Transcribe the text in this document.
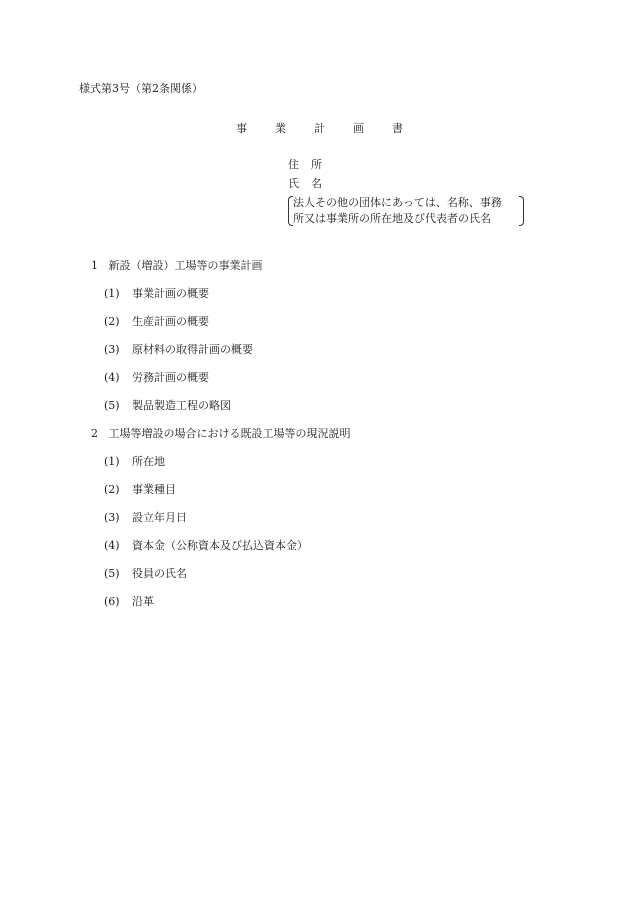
様式第3号（第2条関係）
事	業	計	画	書
住 所
氏 名
法人その他の団体にあっては、名称、事務
所又は事業所の所在地及び代表者の氏名
1 新設（増設）工場等の事業計画
(1) 事業計画の概要
(2) 生産計画の概要
(3) 原材料の取得計画の概要
(4) 労務計画の概要
(5) 製品製造工程の略図
2 工場等増設の場合における既設工場等の現況説明
(1) 所在地
(2) 事業種目
(3) 設立年月日
(4) 資本金（公称資本及び払込資本金）
(5) 役員の氏名
(6) 沿革
